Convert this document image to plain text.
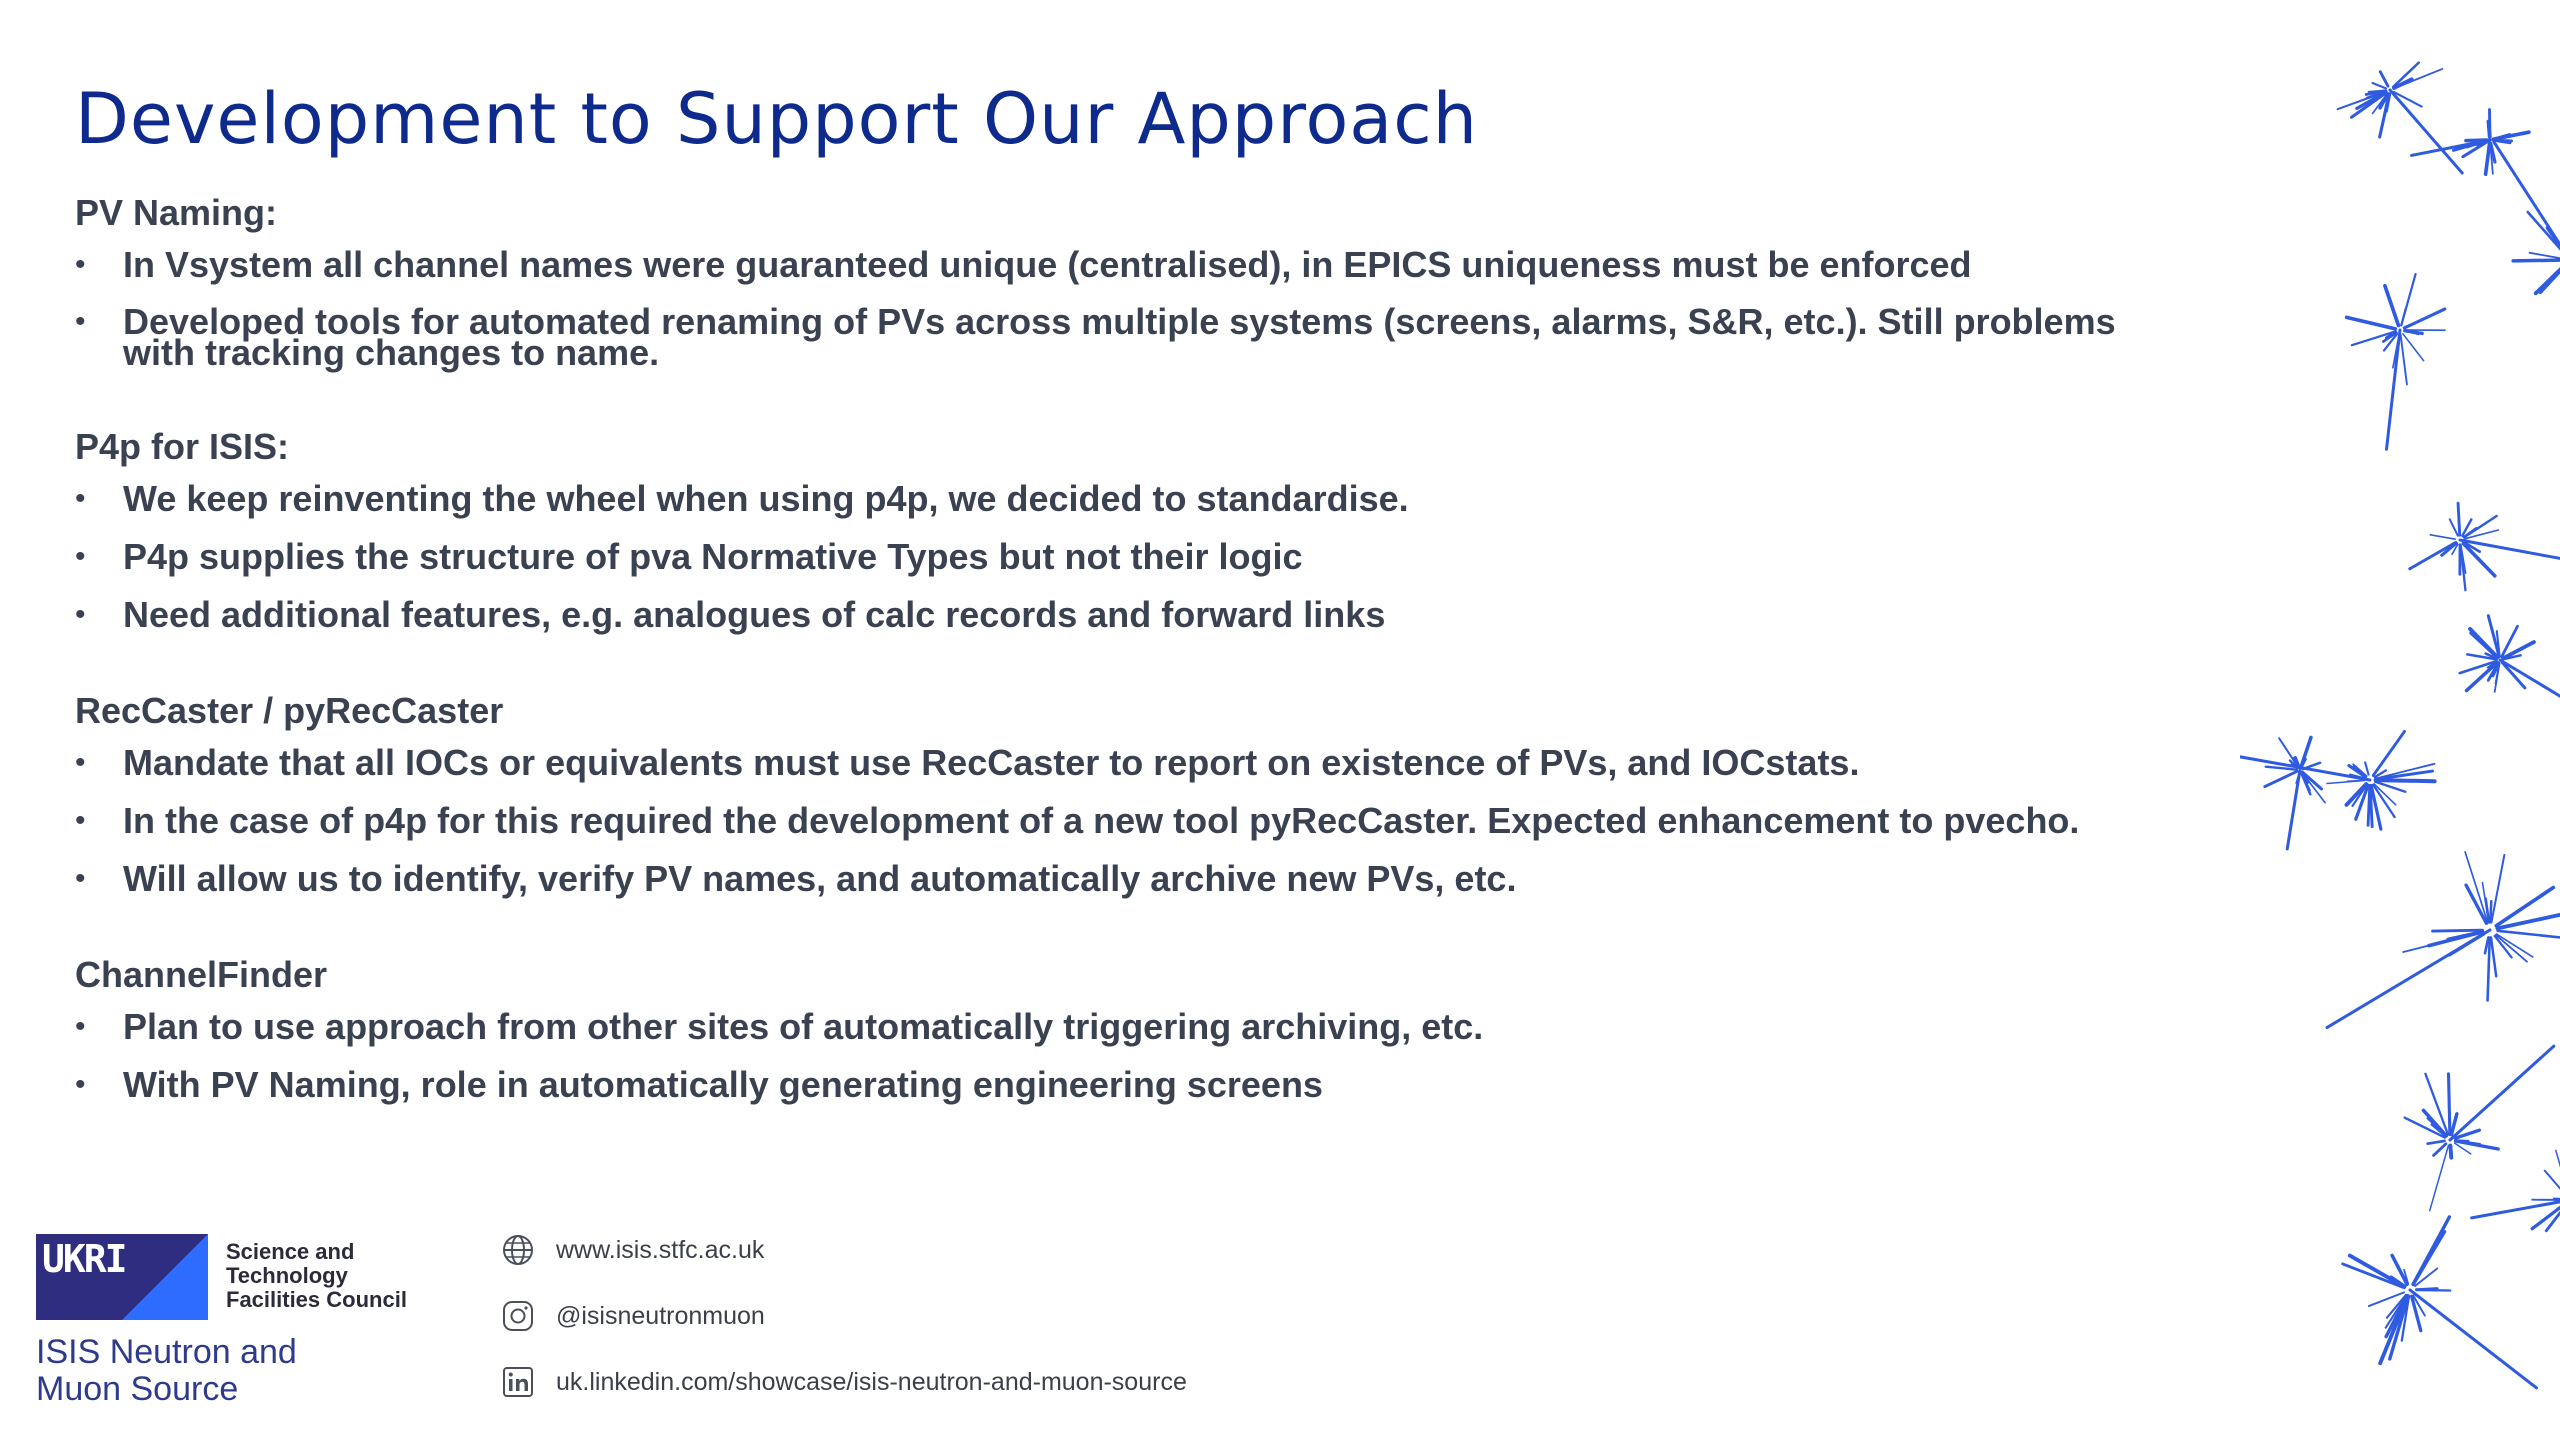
Development to Support Our Approach
PV Naming:
• In Vsystem all channel names were guaranteed unique (centralised), in EPICS uniqueness must be enforced
• Developed tools for automated renaming of PVs across multiple systems (screens, alarms, S&R, etc.). Still problems with tracking changes to name.
P4p for ISIS:
• We keep reinventing the wheel when using p4p, we decided to standardise.
• P4p supplies the structure of pva Normative Types but not their logic
• Need additional features, e.g. analogues of calc records and forward links
RecCaster / pyRecCaster
• Mandate that all IOCs or equivalents must use RecCaster to report on existence of PVs, and IOCstats.
• In the case of p4p for this required the development of a new tool pyRecCaster. Expected enhancement to pvecho.
• Will allow us to identify, verify PV names, and automatically archive new PVs, etc.
ChannelFinder
• Plan to use approach from other sites of automatically triggering archiving, etc.
• With PV Naming, role in automatically generating engineering screens
UKRI	Science and Technology Facilities Council
ISIS Neutron and Muon Source
www.isis.stfc.ac.uk
@isisneutronmuon
uk.linkedin.com/showcase/isis-neutron-and-muon-source
